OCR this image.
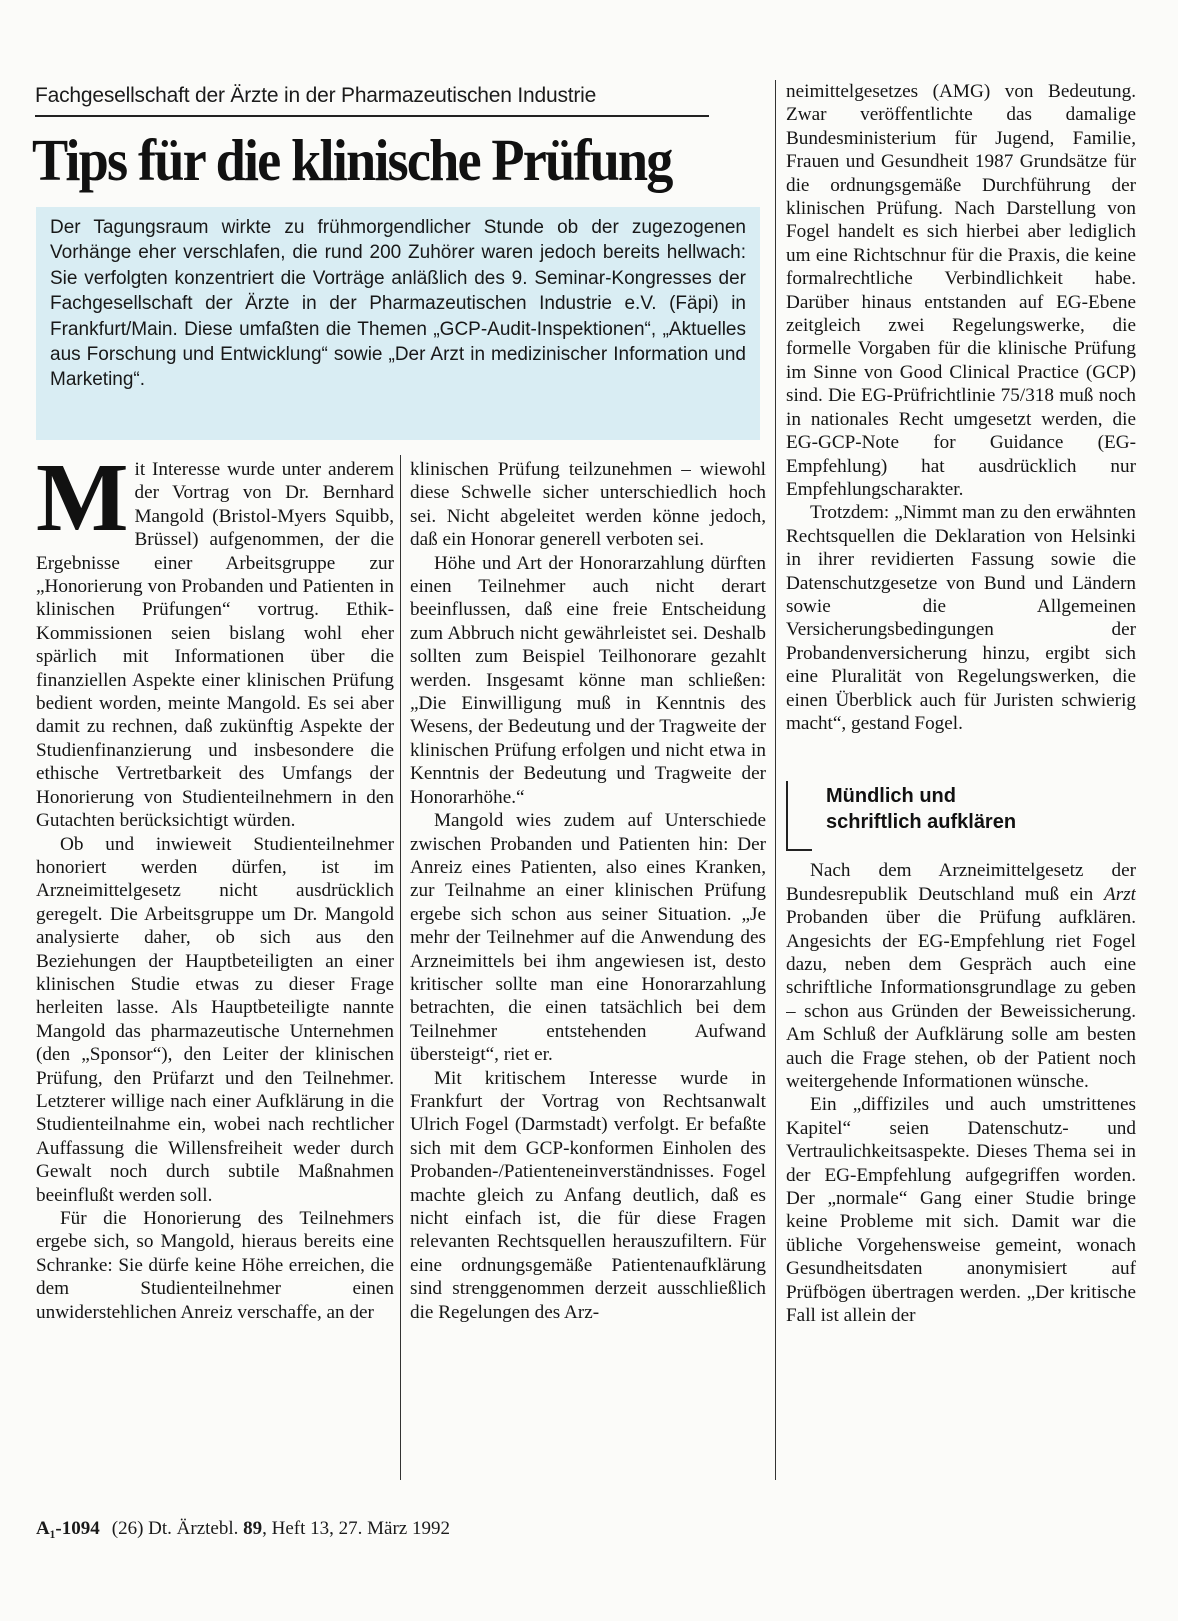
Fachgesellschaft der Ärzte in der Pharmazeutischen Industrie
Tips für die klinische Prüfung
Der Tagungsraum wirkte zu frühmorgendlicher Stunde ob der zugezogenen Vorhänge eher verschlafen, die rund 200 Zuhörer waren jedoch bereits hellwach: Sie verfolgten konzentriert die Vorträge anläßlich des 9. Seminar-Kongresses der Fachgesellschaft der Ärzte in der Pharmazeutischen Industrie e.V. (Fäpi) in Frankfurt/Main. Diese umfaßten die Themen „GCP-Audit-Inspektionen“, „Aktuelles aus Forschung und Entwicklung“ sowie „Der Arzt in medizinischer Information und Marketing“.

Mit Interesse wurde unter anderem der Vortrag von Dr. Bernhard Mangold (Bristol-Myers Squibb, Brüssel) aufgenommen, der die Ergebnisse einer Arbeitsgruppe zur „Honorierung von Probanden und Patienten in klinischen Prüfungen“ vortrug. Ethik-Kommissionen seien bislang wohl eher spärlich mit Informationen über die finanziellen Aspekte einer klinischen Prüfung bedient worden, meinte Mangold. Es sei aber damit zu rechnen, daß zukünftig Aspekte der Studienfinanzierung und insbesondere die ethische Vertretbarkeit des Umfangs der Honorierung von Studienteilnehmern in den Gutachten berücksichtigt würden.

Ob und inwieweit Studienteilnehmer honoriert werden dürfen, ist im Arzneimittelgesetz nicht ausdrücklich geregelt. Die Arbeitsgruppe um Dr. Mangold analysierte daher, ob sich aus den Beziehungen der Hauptbeteiligten an einer klinischen Studie etwas zu dieser Frage herleiten lasse. Als Hauptbeteiligte nannte Mangold das pharmazeutische Unternehmen (den „Sponsor“), den Leiter der klinischen Prüfung, den Prüfarzt und den Teilnehmer. Letzterer willige nach einer Aufklärung in die Studienteilnahme ein, wobei nach rechtlicher Auffassung die Willensfreiheit weder durch Gewalt noch durch subtile Maßnahmen beeinflußt werden soll.

Für die Honorierung des Teilnehmers ergebe sich, so Mangold, hieraus bereits eine Schranke: Sie dürfe keine Höhe erreichen, die dem Studienteilnehmer einen unwiderstehlichen Anreiz verschaffe, an der

klinischen Prüfung teilzunehmen – wiewohl diese Schwelle sicher unterschiedlich hoch sei. Nicht abgeleitet werden könne jedoch, daß ein Honorar generell verboten sei.

Höhe und Art der Honorarzahlung dürften einen Teilnehmer auch nicht derart beeinflussen, daß eine freie Entscheidung zum Abbruch nicht gewährleistet sei. Deshalb sollten zum Beispiel Teilhonorare gezahlt werden. Insgesamt könne man schließen: „Die Einwilligung muß in Kenntnis des Wesens, der Bedeutung und der Tragweite der klinischen Prüfung erfolgen und nicht etwa in Kenntnis der Bedeutung und Tragweite der Honorarhöhe.“

Mangold wies zudem auf Unterschiede zwischen Probanden und Patienten hin: Der Anreiz eines Patienten, also eines Kranken, zur Teilnahme an einer klinischen Prüfung ergebe sich schon aus seiner Situation. „Je mehr der Teilnehmer auf die Anwendung des Arzneimittels bei ihm angewiesen ist, desto kritischer sollte man eine Honorarzahlung betrachten, die einen tatsächlich bei dem Teilnehmer entstehenden Aufwand übersteigt“, riet er.

Mit kritischem Interesse wurde in Frankfurt der Vortrag von Rechtsanwalt Ulrich Fogel (Darmstadt) verfolgt. Er befaßte sich mit dem GCP-konformen Einholen des Probanden-/Patienteneinverständnisses. Fogel machte gleich zu Anfang deutlich, daß es nicht einfach ist, die für diese Fragen relevanten Rechtsquellen herauszufiltern. Für eine ordnungsgemäße Patientenaufklärung sind strenggenommen derzeit ausschließlich die Regelungen des Arz-

neimittelgesetzes (AMG) von Bedeutung. Zwar veröffentlichte das damalige Bundesministerium für Jugend, Familie, Frauen und Gesundheit 1987 Grundsätze für die ordnungsgemäße Durchführung der klinischen Prüfung. Nach Darstellung von Fogel handelt es sich hierbei aber lediglich um eine Richtschnur für die Praxis, die keine formalrechtliche Verbindlichkeit habe. Darüber hinaus entstanden auf EG-Ebene zeitgleich zwei Regelungswerke, die formelle Vorgaben für die klinische Prüfung im Sinne von Good Clinical Practice (GCP) sind. Die EG-Prüfrichtlinie 75/318 muß noch in nationales Recht umgesetzt werden, die EG-GCP-Note for Guidance (EG-Empfehlung) hat ausdrücklich nur Empfehlungscharakter.

Trotzdem: „Nimmt man zu den erwähnten Rechtsquellen die Deklaration von Helsinki in ihrer revidierten Fassung sowie die Datenschutzgesetze von Bund und Ländern sowie die Allgemeinen Versicherungsbedingungen der Probandenversicherung hinzu, ergibt sich eine Pluralität von Regelungswerken, die einen Überblick auch für Juristen schwierig macht“, gestand Fogel.

Mündlich und
schriftlich aufklären

Nach dem Arzneimittelgesetz der Bundesrepublik Deutschland muß ein Arzt Probanden über die Prüfung aufklären. Angesichts der EG-Empfehlung riet Fogel dazu, neben dem Gespräch auch eine schriftliche Informationsgrundlage zu geben – schon aus Gründen der Beweissicherung. Am Schluß der Aufklärung solle am besten auch die Frage stehen, ob der Patient noch weitergehende Informationen wünsche.

Ein „diffiziles und auch umstrittenes Kapitel“ seien Datenschutz- und Vertraulichkeitsaspekte. Dieses Thema sei in der EG-Empfehlung aufgegriffen worden. Der „normale“ Gang einer Studie bringe keine Probleme mit sich. Damit war die übliche Vorgehensweise gemeint, wonach Gesundheitsdaten anonymisiert auf Prüfbögen übertragen werden. „Der kritische Fall ist allein der

A₁-1094 (26) Dt. Ärztebl. 89, Heft 13, 27. März 1992
